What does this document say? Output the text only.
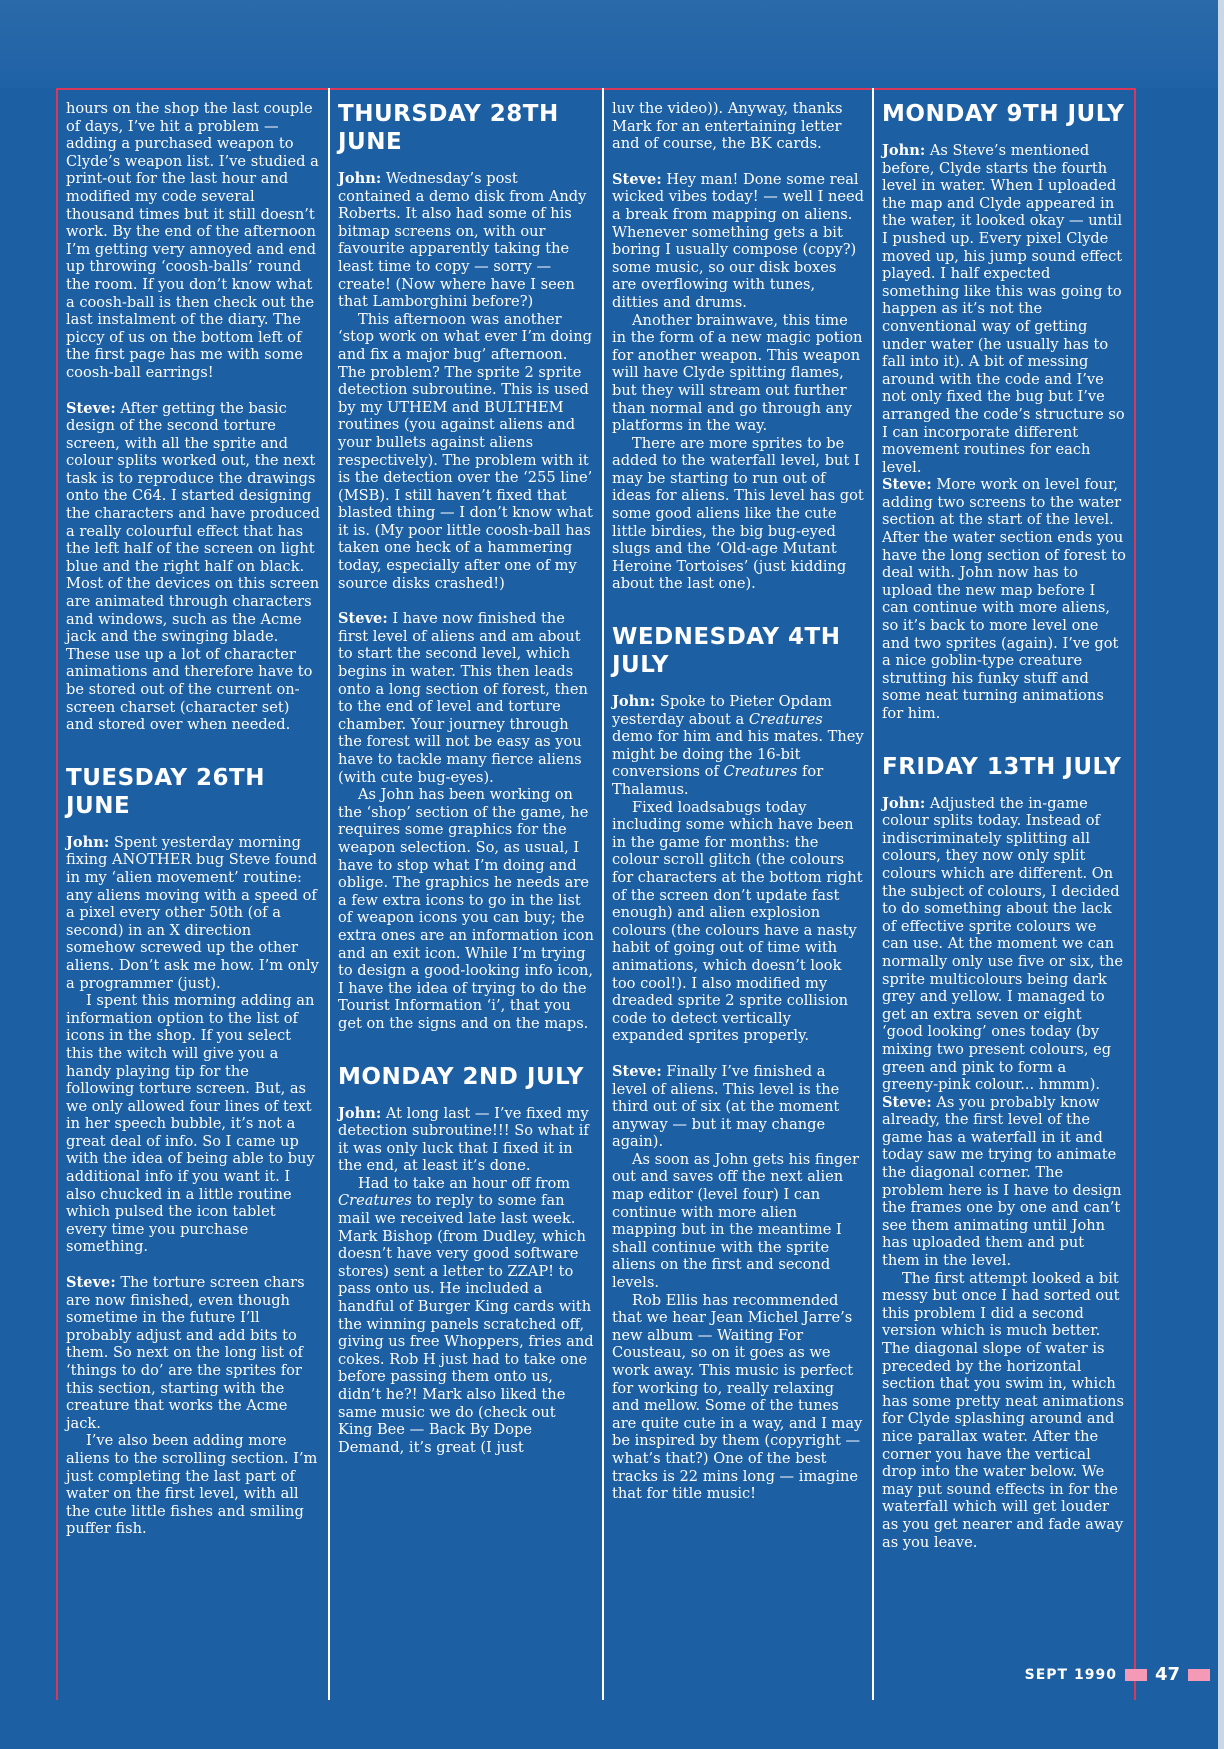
hours on the shop the last couple of days, I’ve hit a problem — adding a purchased weapon to Clyde’s weapon list. I’ve studied a print-out for the last hour and modified my code several thousand times but it still doesn’t work. By the end of the afternoon I’m getting very annoyed and end up throwing ‘coosh-balls’ round the room. If you don’t know what a coosh-ball is then check out the last instalment of the diary. The piccy of us on the bottom left of the first page has me with some coosh-ball earrings!

Steve: After getting the basic design of the second torture screen, with all the sprite and colour splits worked out, the next task is to reproduce the drawings onto the C64. I started designing the characters and have produced a really colourful effect that has the left half of the screen on light blue and the right half on black. Most of the devices on this screen are animated through characters and windows, such as the Acme jack and the swinging blade. These use up a lot of character animations and therefore have to be stored out of the current on-screen charset (character set) and stored over when needed.

TUESDAY 26TH JUNE

John: Spent yesterday morning fixing ANOTHER bug Steve found in my ‘alien movement’ routine: any aliens moving with a speed of a pixel every other 50th (of a second) in an X direction somehow screwed up the other aliens. Don’t ask me how. I’m only a programmer (just).

I spent this morning adding an information option to the list of icons in the shop. If you select this the witch will give you a handy playing tip for the following torture screen. But, as we only allowed four lines of text in her speech bubble, it’s not a great deal of info. So I came up with the idea of being able to buy additional info if you want it. I also chucked in a little routine which pulsed the icon tablet every time you purchase something.

Steve: The torture screen chars are now finished, even though sometime in the future I’ll probably adjust and add bits to them. So next on the long list of ‘things to do’ are the sprites for this section, starting with the creature that works the Acme jack.

I’ve also been adding more aliens to the scrolling section. I’m just completing the last part of water on the first level, with all the cute little fishes and smiling puffer fish.

THURSDAY 28TH JUNE

John: Wednesday’s post contained a demo disk from Andy Roberts. It also had some of his bitmap screens on, with our favourite apparently taking the least time to copy — sorry — create! (Now where have I seen that Lamborghini before?)

This afternoon was another ‘stop work on what ever I’m doing and fix a major bug’ afternoon. The problem? The sprite 2 sprite detection subroutine. This is used by my UTHEM and BULTHEM routines (you against aliens and your bullets against aliens respectively). The problem with it is the detection over the ‘255 line’ (MSB). I still haven’t fixed that blasted thing — I don’t know what it is. (My poor little coosh-ball has taken one heck of a hammering today, especially after one of my source disks crashed!)

Steve: I have now finished the first level of aliens and am about to start the second level, which begins in water. This then leads onto a long section of forest, then to the end of level and torture chamber. Your journey through the forest will not be easy as you have to tackle many fierce aliens (with cute bug-eyes).

As John has been working on the ‘shop’ section of the game, he requires some graphics for the weapon selection. So, as usual, I have to stop what I’m doing and oblige. The graphics he needs are a few extra icons to go in the list of weapon icons you can buy; the extra ones are an information icon and an exit icon. While I’m trying to design a good-looking info icon, I have the idea of trying to do the Tourist Information ‘i’, that you get on the signs and on the maps.

MONDAY 2ND JULY

John: At long last — I’ve fixed my detection subroutine!!! So what if it was only luck that I fixed it in the end, at least it’s done.

Had to take an hour off from Creatures to reply to some fan mail we received late last week. Mark Bishop (from Dudley, which doesn’t have very good software stores) sent a letter to ZZAP! to pass onto us. He included a handful of Burger King cards with the winning panels scratched off, giving us free Whoppers, fries and cokes. Rob H just had to take one before passing them onto us, didn’t he?! Mark also liked the same music we do (check out King Bee — Back By Dope Demand, it’s great (I just

luv the video)). Anyway, thanks Mark for an entertaining letter and of course, the BK cards.

Steve: Hey man! Done some real wicked vibes today! — well I need a break from mapping on aliens. Whenever something gets a bit boring I usually compose (copy?) some music, so our disk boxes are overflowing with tunes, ditties and drums.

Another brainwave, this time in the form of a new magic potion for another weapon. This weapon will have Clyde spitting flames, but they will stream out further than normal and go through any platforms in the way.

There are more sprites to be added to the waterfall level, but I may be starting to run out of ideas for aliens. This level has got some good aliens like the cute little birdies, the big bug-eyed slugs and the ‘Old-age Mutant Heroine Tortoises’ (just kidding about the last one).

WEDNESDAY 4TH JULY

John: Spoke to Pieter Opdam yesterday about a Creatures demo for him and his mates. They might be doing the 16-bit conversions of Creatures for Thalamus.

Fixed loadsabugs today including some which have been in the game for months: the colour scroll glitch (the colours for characters at the bottom right of the screen don’t update fast enough) and alien explosion colours (the colours have a nasty habit of going out of time with animations, which doesn’t look too cool!). I also modified my dreaded sprite 2 sprite collision code to detect vertically expanded sprites properly.

Steve: Finally I’ve finished a level of aliens. This level is the third out of six (at the moment anyway — but it may change again).

As soon as John gets his finger out and saves off the next alien map editor (level four) I can continue with more alien mapping but in the meantime I shall continue with the sprite aliens on the first and second levels.

Rob Ellis has recommended that we hear Jean Michel Jarre’s new album — Waiting For Cousteau, so on it goes as we work away. This music is perfect for working to, really relaxing and mellow. Some of the tunes are quite cute in a way, and I may be inspired by them (copyright — what’s that?) One of the best tracks is 22 mins long — imagine that for title music!

MONDAY 9TH JULY

John: As Steve’s mentioned before, Clyde starts the fourth level in water. When I uploaded the map and Clyde appeared in the water, it looked okay — until I pushed up. Every pixel Clyde moved up, his jump sound effect played. I half expected something like this was going to happen as it’s not the conventional way of getting under water (he usually has to fall into it). A bit of messing around with the code and I’ve not only fixed the bug but I’ve arranged the code’s structure so I can incorporate different movement routines for each level.

Steve: More work on level four, adding two screens to the water section at the start of the level. After the water section ends you have the long section of forest to deal with. John now has to upload the new map before I can continue with more aliens, so it’s back to more level one and two sprites (again). I’ve got a nice goblin-type creature strutting his funky stuff and some neat turning animations for him.

FRIDAY 13TH JULY

John: Adjusted the in-game colour splits today. Instead of indiscriminately splitting all colours, they now only split colours which are different. On the subject of colours, I decided to do something about the lack of effective sprite colours we can use. At the moment we can normally only use five or six, the sprite multicolours being dark grey and yellow. I managed to get an extra seven or eight ‘good looking’ ones today (by mixing two present colours, eg green and pink to form a greeny-pink colour... hmmm).

Steve: As you probably know already, the first level of the game has a waterfall in it and today saw me trying to animate the diagonal corner. The problem here is I have to design the frames one by one and can’t see them animating until John has uploaded them and put them in the level.

The first attempt looked a bit messy but once I had sorted out this problem I did a second version which is much better. The diagonal slope of water is preceded by the horizontal section that you swim in, which has some pretty neat animations for Clyde splashing around and nice parallax water. After the corner you have the vertical drop into the water below. We may put sound effects in for the waterfall which will get louder as you get nearer and fade away as you leave.

SEPT 1990 47
